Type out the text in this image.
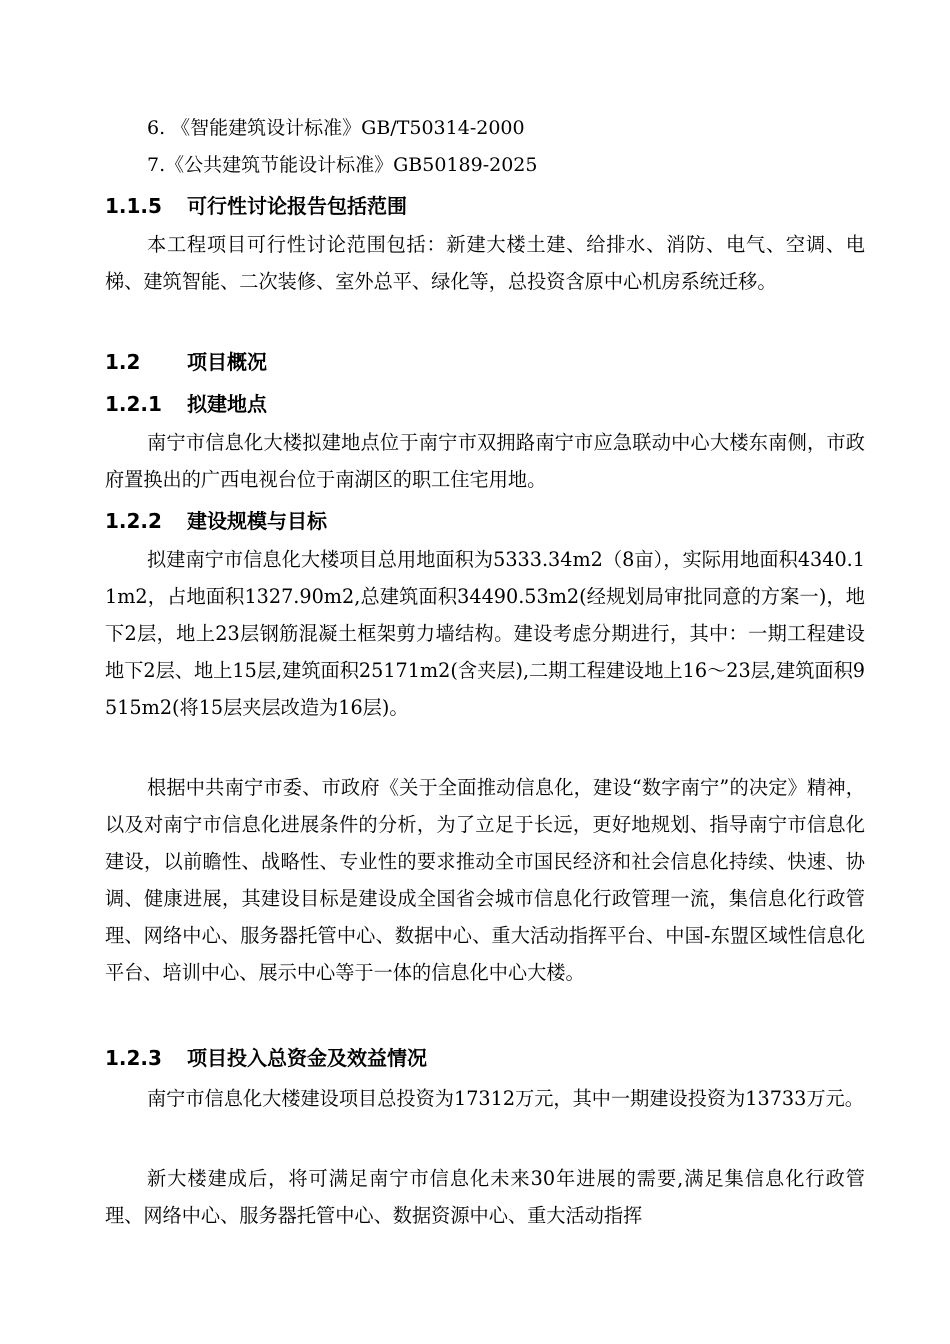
6. 《智能建筑设计标准》GB/T50314-2000
7.《公共建筑节能设计标准》GB50189-2025
1.1.5 可行性讨论报告包括范围

本工程项目可行性讨论范围包括：新建大楼土建、给排水、消防、电气、空调、电梯、建筑智能、二次装修、室外总平、绿化等，总投资含原中心机房系统迁移。

1.2 项目概况
1.2.1 拟建地点

南宁市信息化大楼拟建地点位于南宁市双拥路南宁市应急联动中心大楼东南侧，市政府置换出的广西电视台位于南湖区的职工住宅用地。

1.2.2 建设规模与目标

拟建南宁市信息化大楼项目总用地面积为5333.34m2（8亩），实际用地面积4340.11m2，占地面积1327.90m2,总建筑面积34490.53m2(经规划局审批同意的方案一)，地下2层，地上23层钢筋混凝土框架剪力墙结构。建设考虑分期进行，其中：一期工程建设地下2层、地上15层,建筑面积25171m2(含夹层),二期工程建设地上16～23层,建筑面积9515m2(将15层夹层改造为16层)。

根据中共南宁市委、市政府《关于全面推动信息化，建设“数字南宁”的决定》精神，以及对南宁市信息化进展条件的分析，为了立足于长远，更好地规划、指导南宁市信息化建设，以前瞻性、战略性、专业性的要求推动全市国民经济和社会信息化持续、快速、协调、健康进展，其建设目标是建设成全国省会城市信息化行政管理一流，集信息化行政管理、网络中心、服务器托管中心、数据中心、重大活动指挥平台、中国-东盟区域性信息化平台、培训中心、展示中心等于一体的信息化中心大楼。

1.2.3 项目投入总资金及效益情况

南宁市信息化大楼建设项目总投资为17312万元，其中一期建设投资为13733万元。

新大楼建成后，将可满足南宁市信息化未来30年进展的需要,满足集信息化行政管理、网络中心、服务器托管中心、数据资源中心、重大活动指挥
